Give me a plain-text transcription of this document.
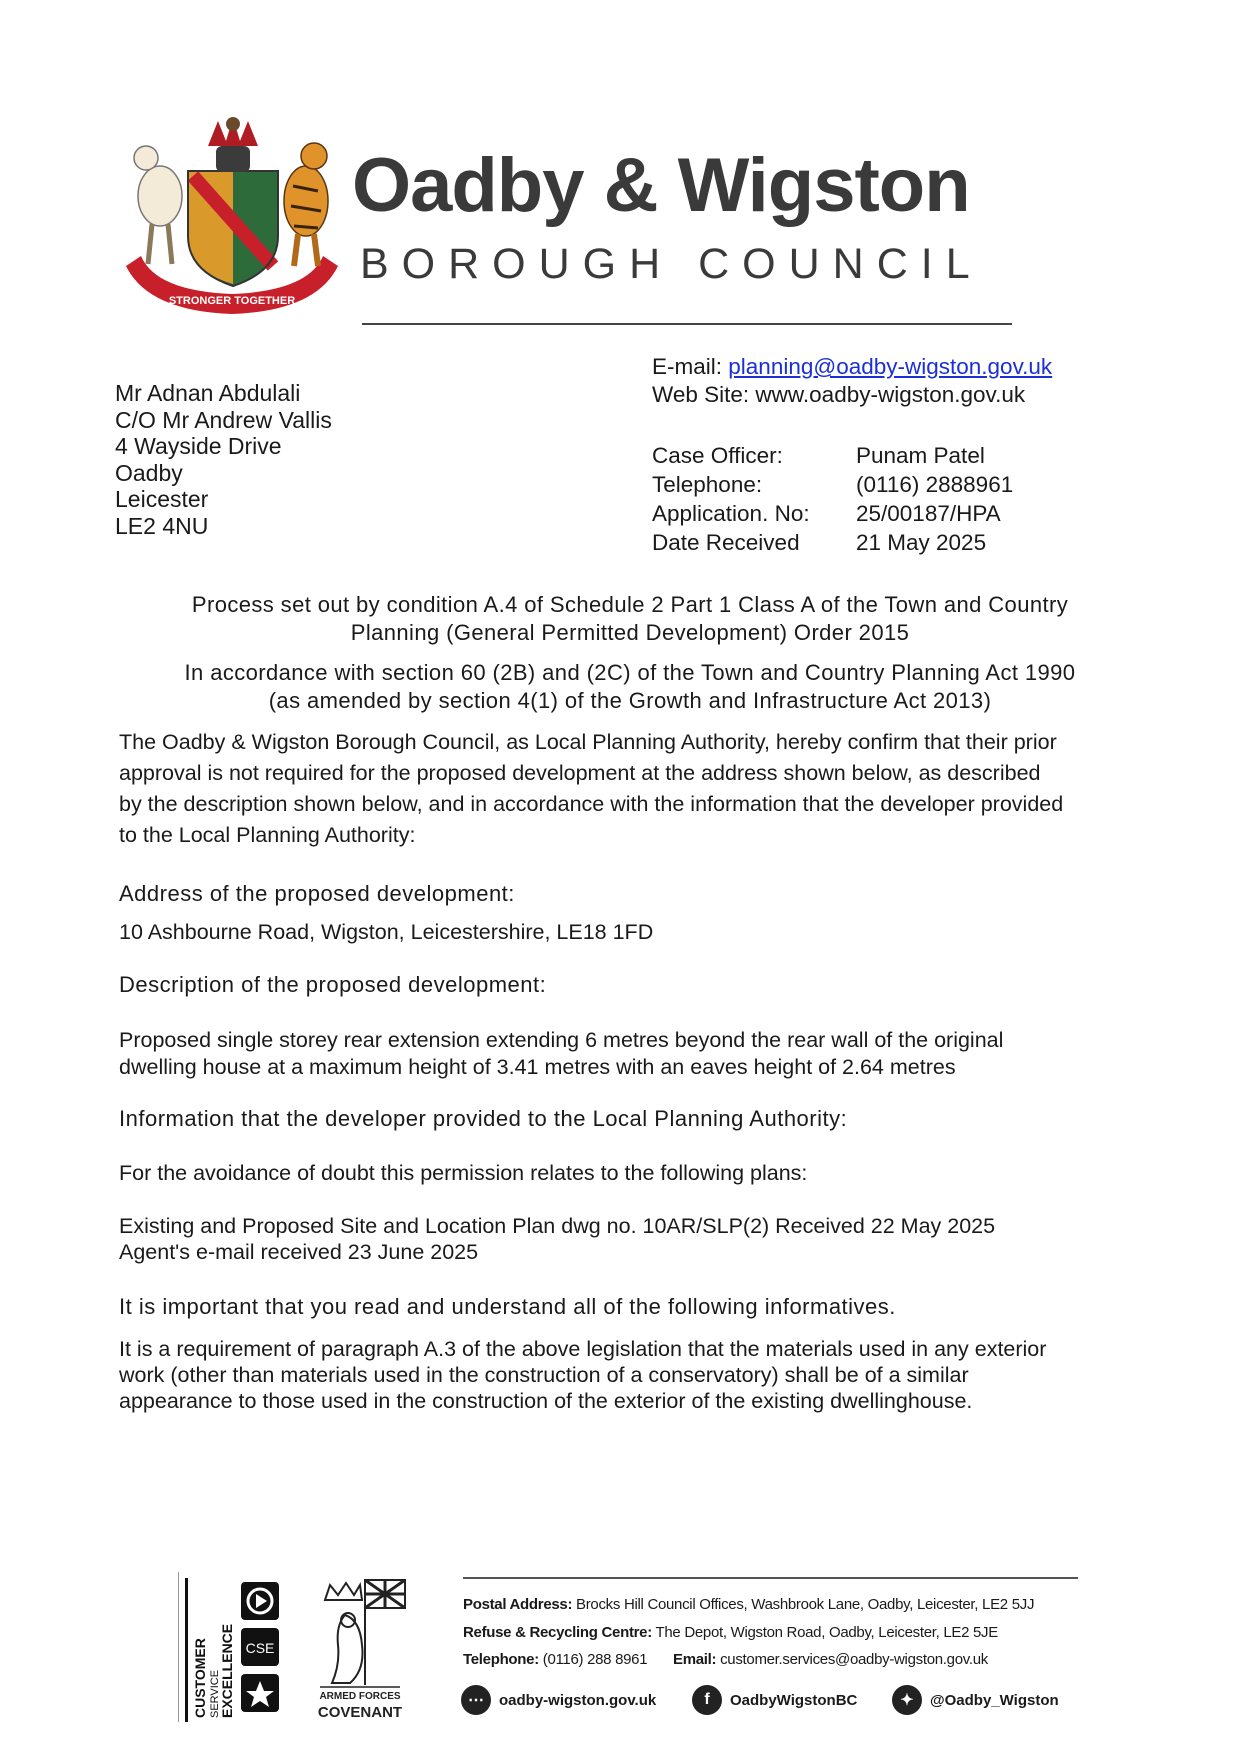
STRONGER TOGETHER
Oadby & Wigston
BOROUGH COUNCIL
Mr Adnan Abdulali
C/O Mr Andrew Vallis
4 Wayside Drive
Oadby
Leicester
LE2 4NU
E-mail: planning@oadby-wigston.gov.uk
Web Site: www.oadby-wigston.gov.uk
Case Officer:	Punam Patel
Telephone:	(0116) 2888961
Application. No:	25/00187/HPA
Date Received	21 May 2025
Process set out by condition A.4 of Schedule 2 Part 1 Class A of the Town and Country
Planning (General Permitted Development) Order 2015
In accordance with section 60 (2B) and (2C) of the Town and Country Planning Act 1990
(as amended by section 4(1) of the Growth and Infrastructure Act 2013)
The Oadby & Wigston Borough Council, as Local Planning Authority, hereby confirm that their prior
approval is not required for the proposed development at the address shown below, as described
by the description shown below, and in accordance with the information that the developer provided
to the Local Planning Authority:
Address of the proposed development:
10 Ashbourne Road, Wigston, Leicestershire, LE18 1FD
Description of the proposed development:
Proposed single storey rear extension extending 6 metres beyond the rear wall of the original
dwelling house at a maximum height of 3.41 metres with an eaves height of 2.64 metres
Information that the developer provided to the Local Planning Authority:
For the avoidance of doubt this permission relates to the following plans:
Existing and Proposed Site and Location Plan dwg no. 10AR/SLP(2) Received 22 May 2025
Agent's e-mail received 23 June 2025
It is important that you read and understand all of the following informatives.
It is a requirement of paragraph A.3 of the above legislation that the materials used in any exterior
work (other than materials used in the construction of a conservatory) shall be of a similar
appearance to those used in the construction of the exterior of the existing dwellinghouse.
CUSTOMER SERVICE
EXCELLENCE CSE
ARMED FORCES
COVENANT
Postal Address: Brocks Hill Council Offices, Washbrook Lane, Oadby, Leicester, LE2 5JJ
Refuse & Recycling Centre: The Depot, Wigston Road, Oadby, Leicester, LE2 5JE
Telephone: (0116) 288 8961 Email: customer.services@oadby-wigston.gov.uk
⋯	oadby-wigston.gov.uk	f	OadbyWigstonBC	✦	@Oadby_Wigston
